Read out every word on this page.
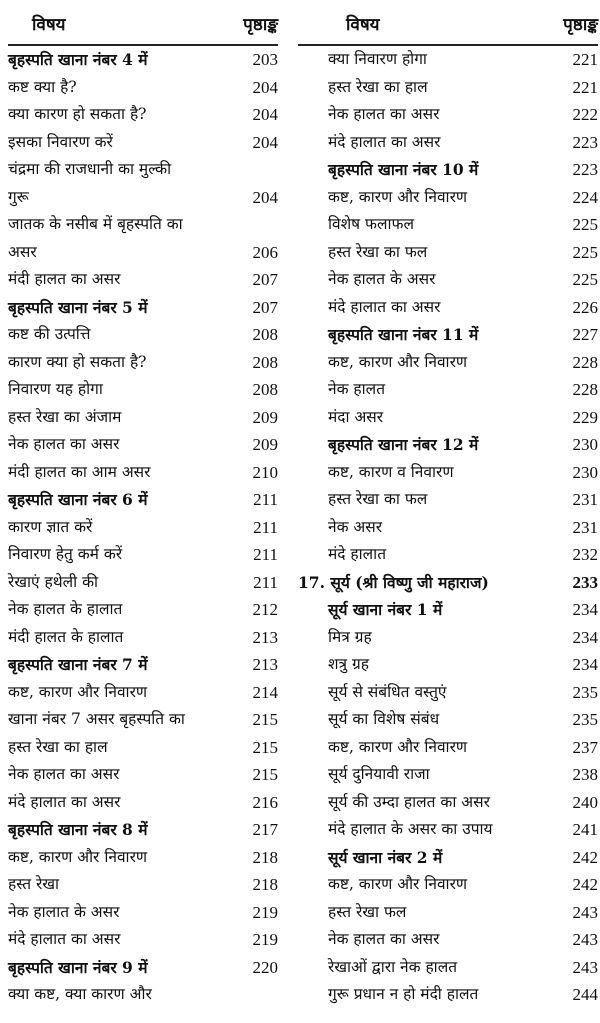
विषय	पृष्ठाङ्क
बृहस्पति खाना नंबर 4 में	203
कष्ट क्या है?	204
क्या कारण हो सकता है?	204
इसका निवारण करें	204
चंद्रमा की राजधानी का मुल्की
गुरू	204
जातक के नसीब में बृहस्पति का
असर	206
मंदी हालत का असर	207
बृहस्पति खाना नंबर 5 में	207
कष्ट की उत्पत्ति	208
कारण क्या हो सकता है?	208
निवारण यह होगा	208
हस्त रेखा का अंजाम	209
नेक हालत का असर	209
मंदी हालत का आम असर	210
बृहस्पति खाना नंबर 6 में	211
कारण ज्ञात करें	211
निवारण हेतु कर्म करें	211
रेखाएं हथेली की	211
नेक हालत के हालात	212
मंदी हालत के हालात	213
बृहस्पति खाना नंबर 7 में	213
कष्ट, कारण और निवारण	214
खाना नंबर 7 असर बृहस्पति का	215
हस्त रेखा का हाल	215
नेक हालत का असर	215
मंदे हालात का असर	216
बृहस्पति खाना नंबर 8 में	217
कष्ट, कारण और निवारण	218
हस्त रेखा	218
नेक हालात के असर	219
मंदे हालात का असर	219
बृहस्पति खाना नंबर 9 में	220
क्या कष्ट, क्या कारण और
विषय	पृष्ठाङ्क
क्या निवारण होगा	221
हस्त रेखा का हाल	221
नेक हालत का असर	222
मंदे हालात का असर	223
बृहस्पति खाना नंबर 10 में	223
कष्ट, कारण और निवारण	224
विशेष फलाफल	225
हस्त रेखा का फल	225
नेक हालत के असर	225
मंदे हालात का असर	226
बृहस्पति खाना नंबर 11 में	227
कष्ट, कारण और निवारण	228
नेक हालत	228
मंदा असर	229
बृहस्पति खाना नंबर 12 में	230
कष्ट, कारण व निवारण	230
हस्त रेखा का फल	231
नेक असर	231
मंदे हालात	232
17. सूर्य (श्री विष्णु जी महाराज)	233
सूर्य खाना नंबर 1 में	234
मित्र ग्रह	234
शत्रु ग्रह	234
सूर्य से संबंधित वस्तुएं	235
सूर्य का विशेष संबंध	235
कष्ट, कारण और निवारण	237
सूर्य दुनियावी राजा	238
सूर्य की उम्दा हालत का असर	240
मंदे हालात के असर का उपाय	241
सूर्य खाना नंबर 2 में	242
कष्ट, कारण और निवारण	242
हस्त रेखा फल	243
नेक हालत का असर	243
रेखाओं द्वारा नेक हालत	243
गुरू प्रधान न हो मंदी हालत	244
